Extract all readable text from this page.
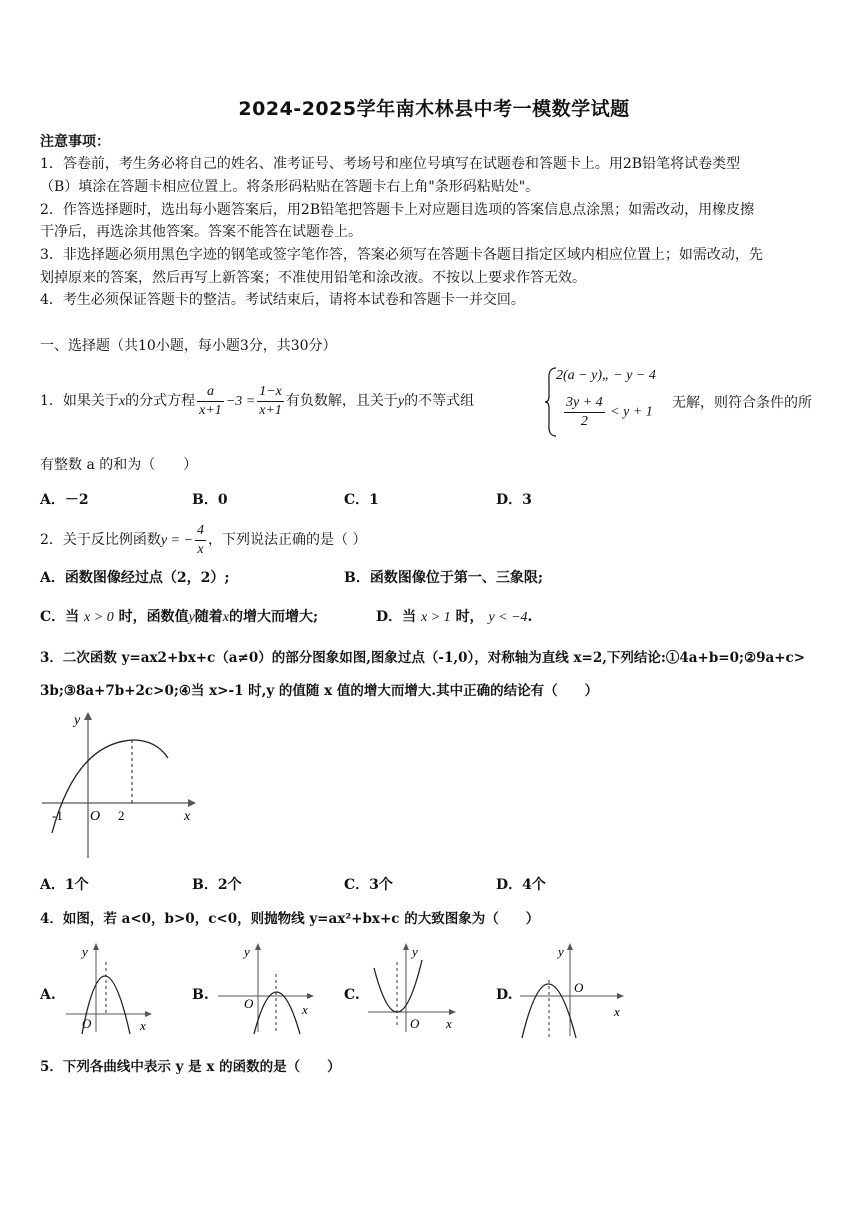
2024-2025学年南木林县中考一模数学试题
注意事项：
1．答卷前，考生务必将自己的姓名、准考证号、考场号和座位号填写在试题卷和答题卡上。用2B铅笔将试卷类型
（B）填涂在答题卡相应位置上。将条形码粘贴在答题卡右上角"条形码粘贴处"。
2．作答选择题时，选出每小题答案后，用2B铅笔把答题卡上对应题目选项的答案信息点涂黑；如需改动，用橡皮擦
干净后，再选涂其他答案。答案不能答在试题卷上。
3．非选择题必须用黑色字迹的钢笔或签字笔作答，答案必须写在答题卡各题目指定区域内相应位置上；如需改动，先
划掉原来的答案，然后再写上新答案；不准使用铅笔和涂改液。不按以上要求作答无效。
4．考生必须保证答题卡的整洁。考试结束后，请将本试卷和答题卡一并交回。
一、选择题（共10小题，每小题3分，共30分）
1．如果关于x的分式方程 $\frac{a}{x+1} -3 = \frac{1-x}{x+1}$ 有负数解，且关于y的不等式组
2(a − y)„ − y − 4
$\frac{3y + 4}{2} < y + 1$
无解，则符合条件的所
有整数 a 的和为（　　）
A．－2	B．0	C．1	D．3
2．关于反比例函数y = − $\frac{4}{x}$ ，下列说法正确的是（ ）
A．函数图像经过点（2，2）;	B．函数图像位于第一、三象限;
C．当 x > 0 时，函数值y随着x的增大而增大;	D．当 x > 1 时， y < −4.
3．二次函数 y=ax2+bx+c（a≠0）的部分图象如图,图象过点（-1,0），对称轴为直线 x=2,下列结论:①4a+b=0;②9a+c>
3b;③8a+7b+2c>0;④当 x>-1 时,y 的值随 x 值的增大而增大.其中正确的结论有（　　）
y
x
O
-1	2
A．1个	B．2个	C．3个	D．4个
4．如图，若 a<0，b>0，c<0，则抛物线 y=ax²+bx+c 的大致图象为（　　）
A.
y
x
O
B.
y
x
O
C.
y
x
O
D.
y
x
O
5．下列各曲线中表示 y 是 x 的函数的是（　　）
